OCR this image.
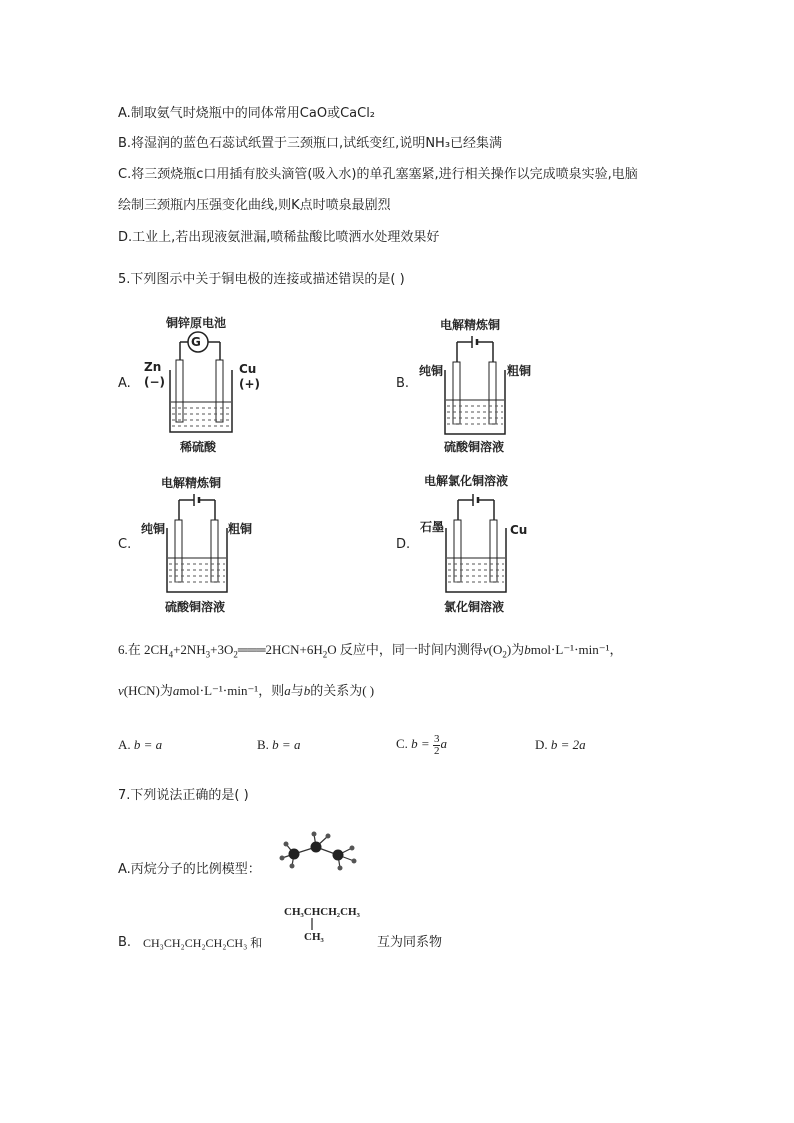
A.制取氨气时烧瓶中的同体常用CaO或CaCl₂
B.将湿润的蓝色石蕊试纸置于三颈瓶口,试纸变红,说明NH₃已经集满
C.将三颈烧瓶c口用插有胶头滴管(吸入水)的单孔塞塞紧,进行相关操作以完成喷泉实验,电脑
绘制三颈瓶内压强变化曲线,则K点时喷泉最剧烈
D.工业上,若出现液氨泄漏,喷稀盐酸比喷洒水处理效果好
5.下列图示中关于铜电极的连接或描述错误的是( )
A.
铜锌原电池
G
Zn
(−)
Cu
(+)
稀硫酸
B.
电解精炼铜
纯铜	粗铜
硫酸铜溶液
C.
电解精炼铜
纯铜	粗铜
硫酸铜溶液
D.
电解氯化铜溶液
石墨	Cu
氯化铜溶液
6.在 $2CH_4+2NH_3+3O_2═══2HCN+6H_2O$ 反应中，同一时间内测得$v(O_2)$为bmol⋅L⁻¹⋅min⁻¹，
v(HCN)为amol⋅L⁻¹⋅min⁻¹，则a与b的关系为( )
A. b = a	B. b = a	C. $b = \frac{3}{2}$ a	D. b = 2a
7.下列说法正确的是( )
A.丙烷分子的比例模型：
B. CH₃CH₂CH₂CH₂CH₃ 和
CH₃CHCH₂CH₃
CH₃	互为同系物
